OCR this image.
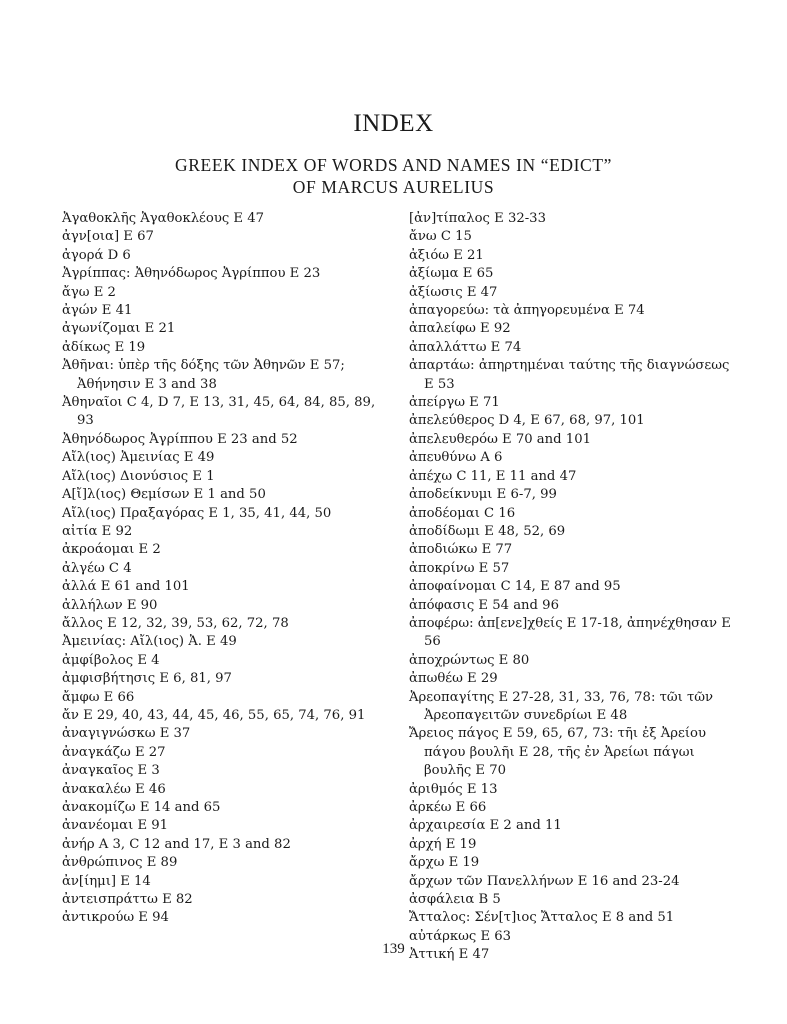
INDEX
GREEK INDEX OF WORDS AND NAMES IN “EDICT”
OF MARCUS AURELIUS
Ἀγαθοκλῆς Ἀγαθοκλέους E 47
ἀγν[οια] E 67
ἀγορά D 6
Ἀγρίππας: Ἀθηνόδωρος Ἀγρίππου E 23
ἄγω E 2
ἀγών E 41
ἀγωνίζομαι E 21
ἀδίκως E 19
Ἀθῆναι: ὑπὲρ τῆς δόξης τῶν Ἀθηνῶν E 57; Ἀθήνησιν E 3 and 38
Ἀθηναῖοι C 4, D 7, E 13, 31, 45, 64, 84, 85, 89, 93
Ἀθηνόδωρος Ἀγρίππου E 23 and 52
Αἴλ(ιος) Ἀμεινίας E 49
Αἴλ(ιος) Διονύσιος E 1
Α[ἴ]λ(ιος) Θεμίσων E 1 and 50
Αἴλ(ιος) Πραξαγόρας E 1, 35, 41, 44, 50
αἰτία E 92
ἀκροάομαι E 2
ἀλγέω C 4
ἀλλά E 61 and 101
ἀλλήλων E 90
ἄλλος E 12, 32, 39, 53, 62, 72, 78
Ἀμεινίας: Αἴλ(ιος) Ἀ. E 49
ἀμφίβολος E 4
ἀμφισβήτησις E 6, 81, 97
ἄμφω E 66
ἄν E 29, 40, 43, 44, 45, 46, 55, 65, 74, 76, 91
ἀναγιγνώσκω E 37
ἀναγκάζω E 27
ἀναγκαῖος E 3
ἀνακαλέω E 46
ἀνακομίζω E 14 and 65
ἀνανέομαι E 91
ἀνήρ A 3, C 12 and 17, E 3 and 82
ἀνθρώπινος E 89
ἀν[ίημι] E 14
ἀντεισπράττω E 82
ἀντικρούω E 94
[ἀν]τίπαλος E 32-33
ἄνω C 15
ἀξιόω E 21
ἀξίωμα E 65
ἀξίωσις E 47
ἀπαγορεύω: τὰ ἀπηγορευμένα E 74
ἀπαλείφω E 92
ἀπαλλάττω E 74
ἀπαρτάω: ἀπηρτημέναι ταύτης τῆς διαγνώσεως E 53
ἀπείργω E 71
ἀπελεύθερος D 4, E 67, 68, 97, 101
ἀπελευθερόω E 70 and 101
ἀπευθύνω A 6
ἀπέχω C 11, E 11 and 47
ἀποδείκνυμι E 6-7, 99
ἀποδέομαι C 16
ἀποδίδωμι E 48, 52, 69
ἀποδιώκω E 77
ἀποκρίνω E 57
ἀποφαίνομαι C 14, E 87 and 95
ἀπόφασις E 54 and 96
ἀποφέρω: ἀπ[ενε]χθείς E 17-18, ἀπηνέχθησαν E 56
ἀποχρώντως E 80
ἀπωθέω E 29
Ἀρεοπαγίτης E 27-28, 31, 33, 76, 78: τῶι τῶν Ἀρεοπαγειτῶν συνεδρίωι E 48
Ἄρειος πάγος E 59, 65, 67, 73: τῆι ἐξ Ἀρείου πάγου βουλῆι E 28, τῆς ἐν Ἀρείωι πάγωι βουλῆς E 70
ἀριθμός E 13
ἀρκέω E 66
ἀρχαιρεσία E 2 and 11
ἀρχή E 19
ἄρχω E 19
ἄρχων τῶν Πανελλήνων E 16 and 23-24
ἀσφάλεια B 5
Ἄτταλος: Σέν[τ]ιος Ἄτταλος E 8 and 51
αὐτάρκως E 63
Ἀττική E 47

139
